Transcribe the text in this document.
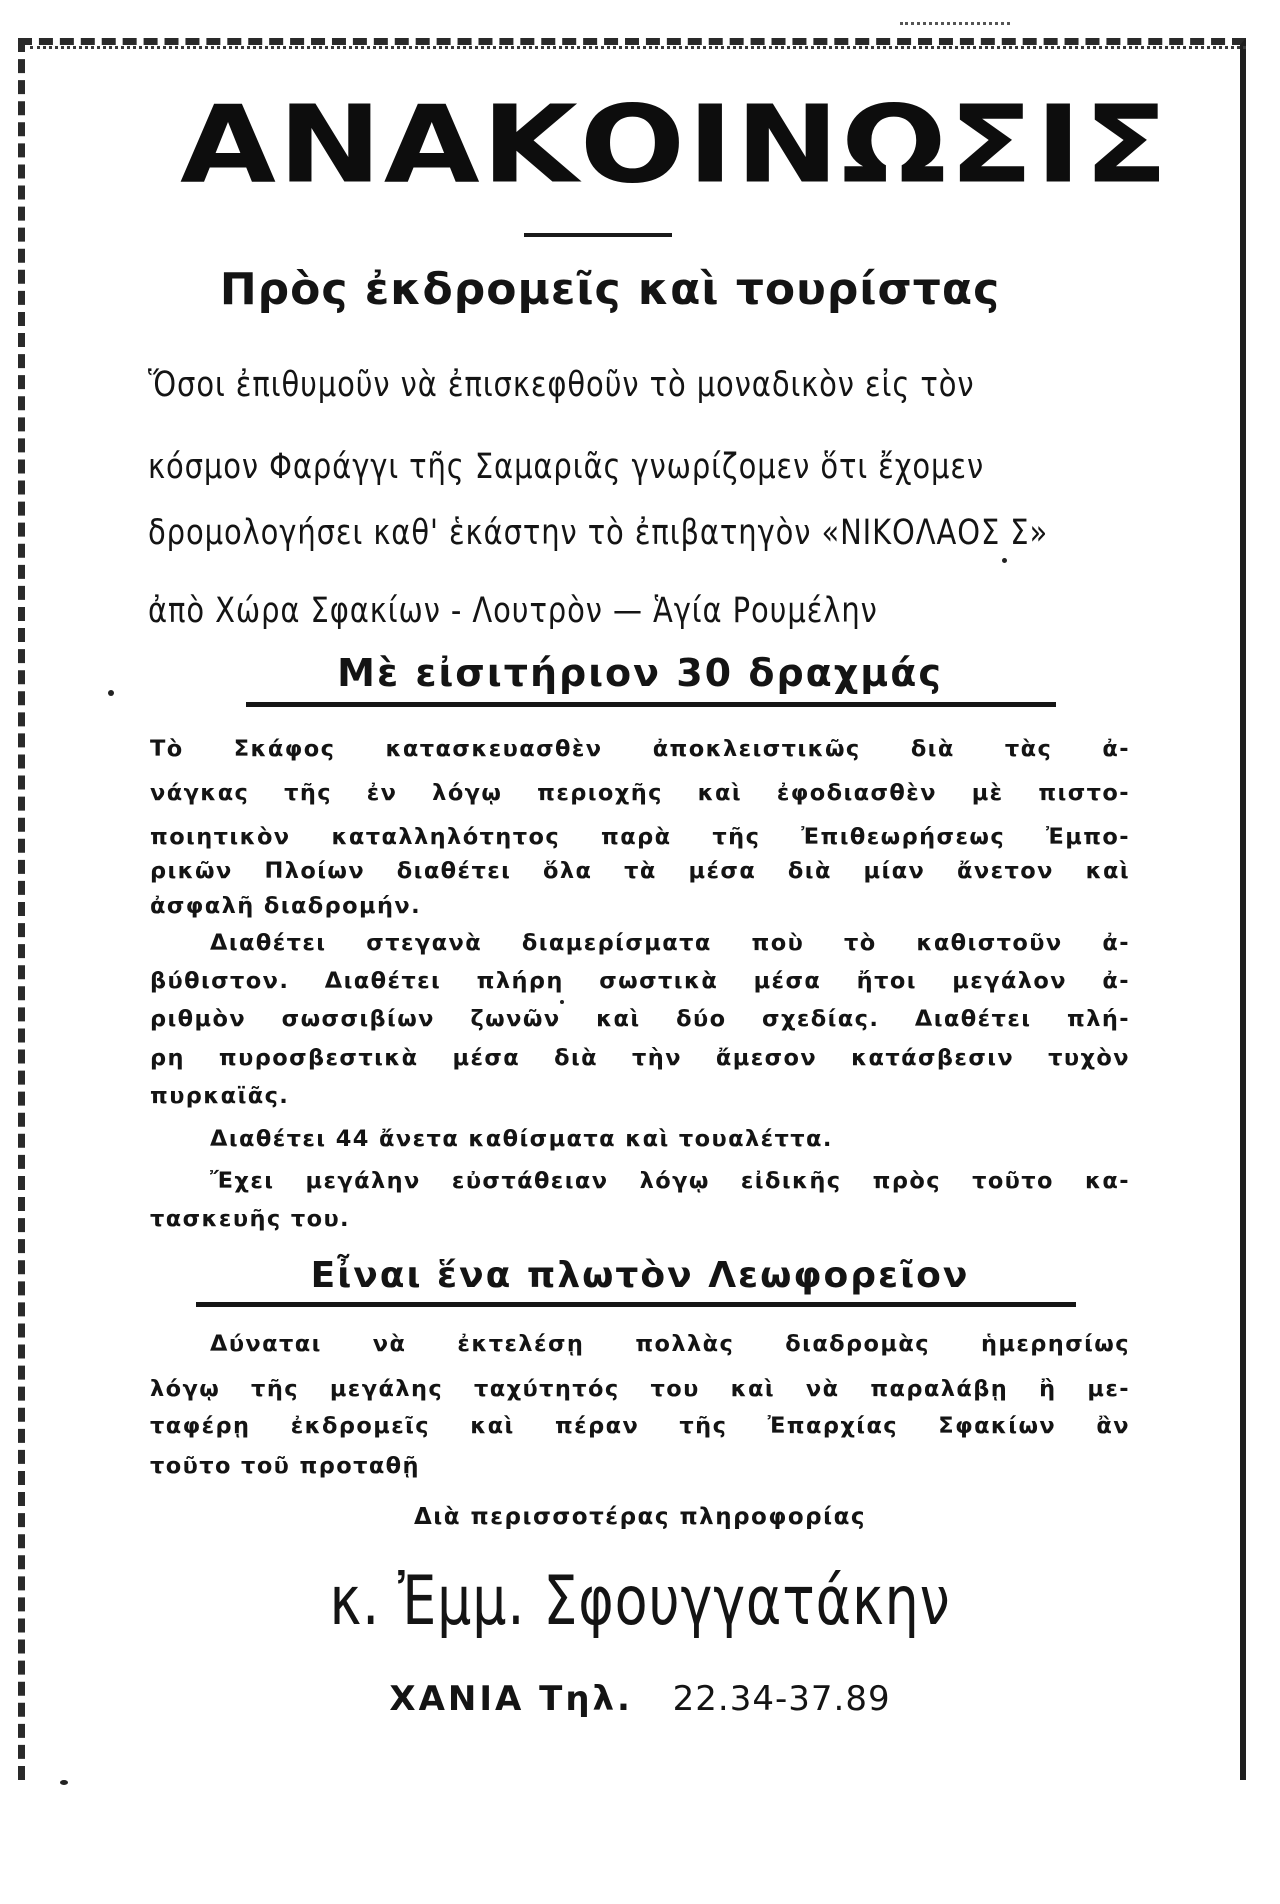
ΑΝΑΚΟΙΝΩΣΙΣ
Πρὸς ἐκδρομεῖς καὶ τουρίστας
Ὅσοι ἐπιθυμοῦν νὰ ἐπισκεφθοῦν τὸ μοναδικὸν εἰς τὸν
κόσμον Φαράγγι τῆς Σαμαριᾶς γνωρίζομεν ὅτι ἔχομεν
δρομολογήσει καθ' ἑκάστην τὸ ἐπιβατηγὸν «ΝΙΚΟΛΑΟΣ Σ»
ἀπὸ Χώρα Σφακίων - Λουτρὸν — Ἁγία Ρουμέλην
Μὲ εἰσιτήριον 30 δραχμάς
Τὸ Σκάφος κατασκευασθὲν ἀποκλειστικῶς διὰ τὰς ἀ-
νάγκας τῆς ἐν λόγῳ περιοχῆς καὶ ἐφοδιασθὲν μὲ πιστο-
ποιητικὸν καταλληλότητος παρὰ τῆς Ἐπιθεωρήσεως Ἐμπο-
ρικῶν Πλοίων διαθέτει ὅλα τὰ μέσα διὰ μίαν ἄνετον καὶ
ἀσφαλῆ διαδρομήν.
Διαθέτει στεγανὰ διαμερίσματα ποὺ τὸ καθιστοῦν ἀ-
βύθιστον. Διαθέτει πλήρη σωστικὰ μέσα ἤτοι μεγάλον ἀ-
ριθμὸν σωσσιβίων ζωνῶν καὶ δύο σχεδίας. Διαθέτει πλή-
ρη πυροσβεστικὰ μέσα διὰ τὴν ἄμεσον κατάσβεσιν τυχὸν
πυρκαϊᾶς.
Διαθέτει 44 ἄνετα καθίσματα καὶ τουαλέττα.
Ἔχει μεγάλην εὐστάθειαν λόγῳ εἰδικῆς πρὸς τοῦτο κα-
τασκευῆς του.
Εἶναι ἕνα πλωτὸν Λεωφορεῖον
Δύναται νὰ ἐκτελέσῃ πολλὰς διαδρομὰς ἡμερησίως
λόγῳ τῆς μεγάλης ταχύτητός του καὶ νὰ παραλάβῃ ἢ με-
ταφέρῃ ἐκδρομεῖς καὶ πέραν τῆς Ἐπαρχίας Σφακίων ἂν
τοῦτο τοῦ προταθῇ
Διὰ περισσοτέρας πληροφορίας
κ. Ἐμμ. Σφουγγατάκην
ΧΑΝΙΑ Τηλ. 22.34-37.89
